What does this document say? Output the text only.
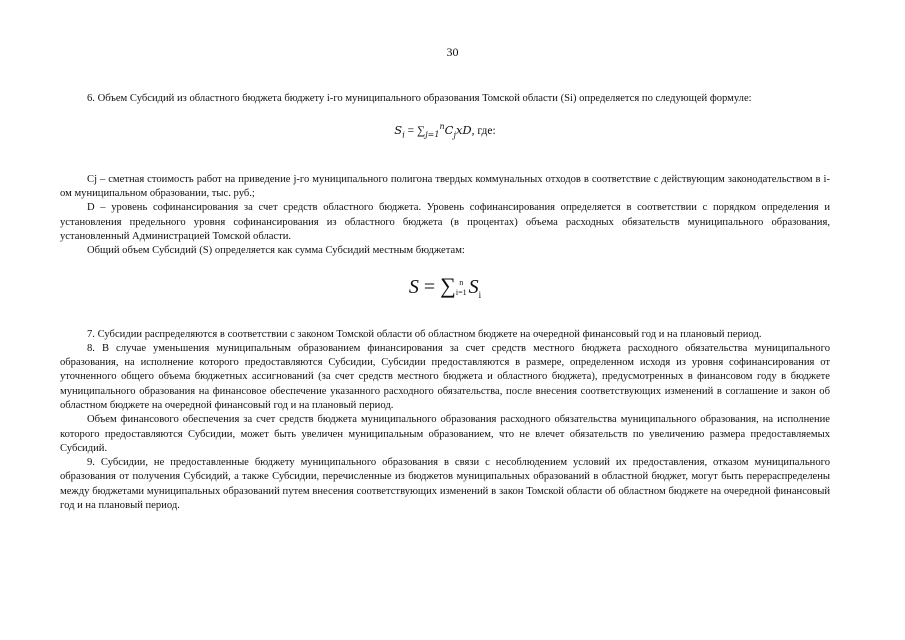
30

6. Объем Субсидий из областного бюджета бюджету i-го муниципального образования Томской области (Si) определяется по следующей формуле:

$S_i = \sum_{j=1}^nC_jxD$, где:

Cj – сметная стоимость работ на приведение j-го муниципального полигона твердых коммунальных отходов в соответствие с действующим законодательством в i-ом муниципальном образовании, тыс. руб.;

D – уровень софинансирования за счет средств областного бюджета. Уровень софинансирования определяется в соответствии с порядком определения и установления предельного уровня софинансирования из областного бюджета (в процентах) объема расходных обязательств муниципального образования, установленный Администрацией Томской области.

Общий объем Субсидий (S) определяется как сумма Субсидий местным бюджетам:

S = ∑ n
i=1 $S_i$

7. Субсидии распределяются в соответствии с законом Томской области об областном бюджете на очередной финансовый год и на плановый период.

8. В случае уменьшения муниципальным образованием финансирования за счет средств местного бюджета расходного обязательства муниципального образования, на исполнение которого предоставляются Субсидии, Субсидии предоставляются в размере, определенном исходя из уровня софинансирования от уточненного общего объема бюджетных ассигнований (за счет средств местного бюджета и областного бюджета), предусмотренных в финансовом году в бюджете муниципального образования на финансовое обеспечение указанного расходного обязательства, после внесения соответствующих изменений в соглашение и закон об областном бюджете на очередной финансовый год и на плановый период.

Объем финансового обеспечения за счет средств бюджета муниципального образования расходного обязательства муниципального образования, на исполнение которого предоставляются Субсидии, может быть увеличен муниципальным образованием, что не влечет обязательств по увеличению размера предоставляемых Субсидий.

9. Субсидии, не предоставленные бюджету муниципального образования в связи с несоблюдением условий их предоставления, отказом муниципального образования от получения Субсидий, а также Субсидии, перечисленные из бюджетов муниципальных образований в областной бюджет, могут быть перераспределены между бюджетами муниципальных образований путем внесения соответствующих изменений в закон Томской области об областном бюджете на очередной финансовый год и на плановый период.
